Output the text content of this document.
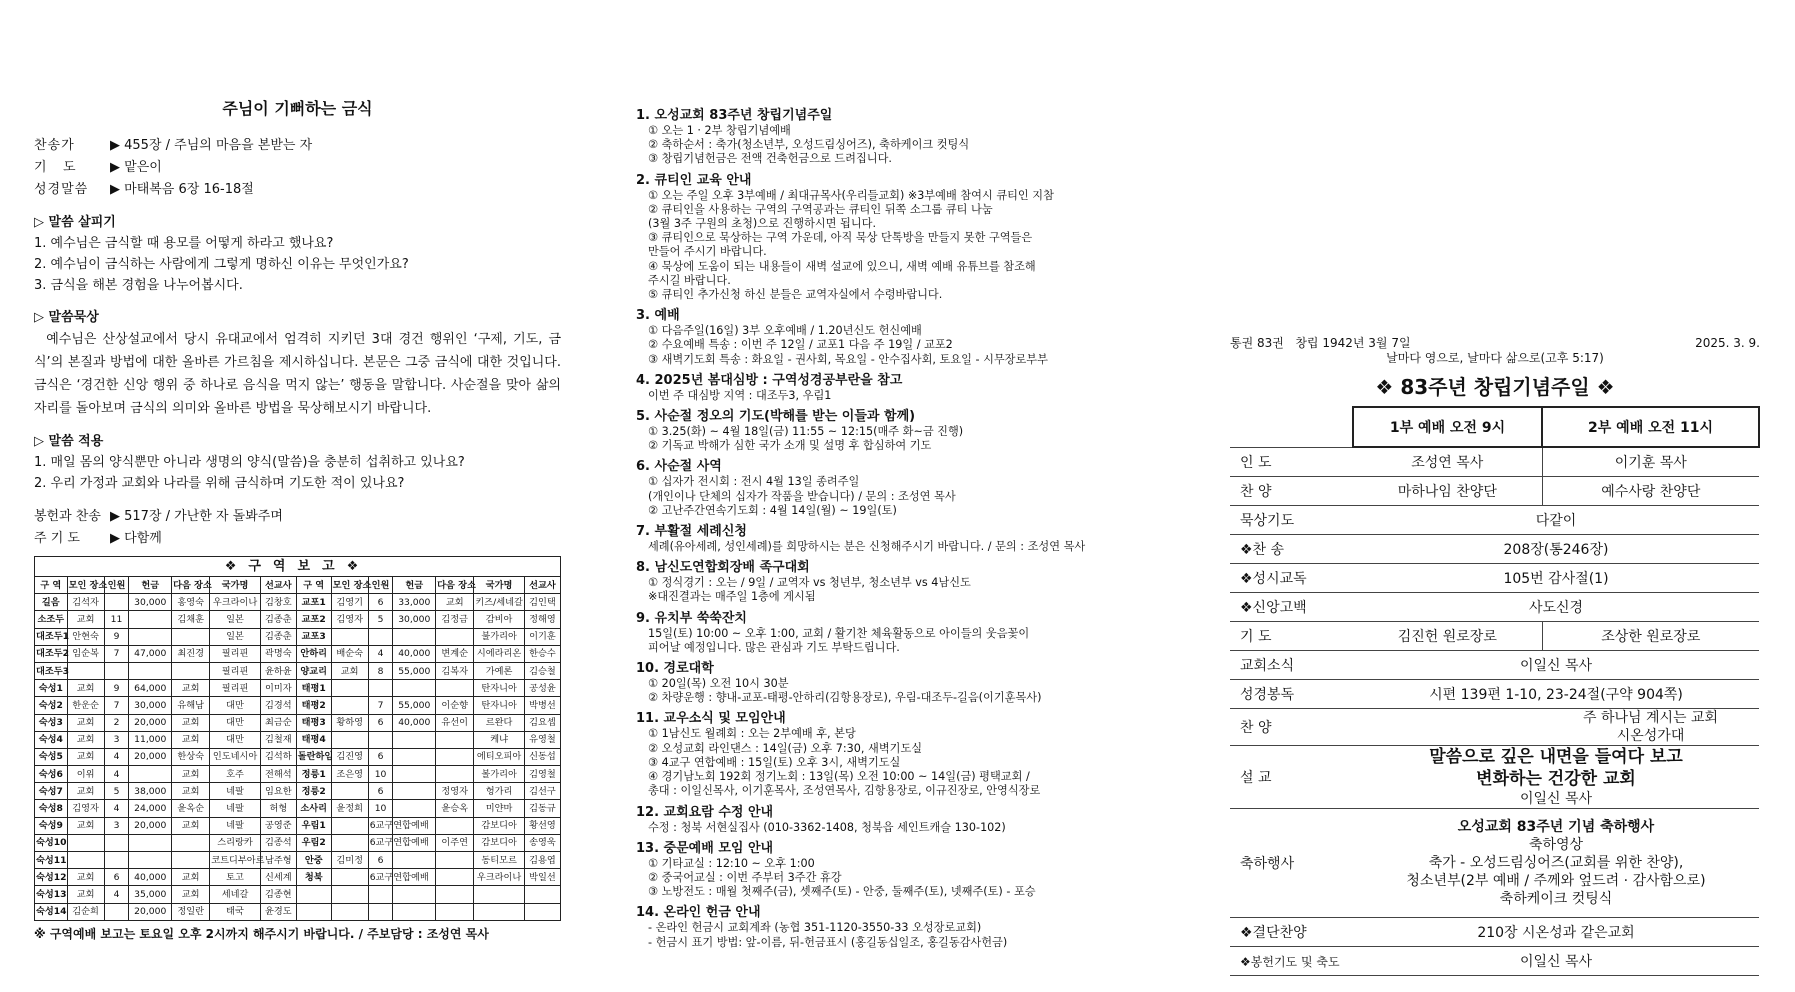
주님이 기뻐하는 금식
찬송가	▶ 455장 / 주님의 마음을 본받는 자
기   도	▶ 맡은이
성경말씀	▶ 마태복음 6장 16-18절
▷ 말씀 살피기
1. 예수님은 금식할 때 용모를 어떻게 하라고 했나요?
2. 예수님이 금식하는 사람에게 그렇게 명하신 이유는 무엇인가요?
3. 금식을 해본 경험을 나누어봅시다.
▷ 말씀묵상
예수님은 산상설교에서 당시 유대교에서 엄격히 지키던 3대 경건 행위인 ‘구제, 기도, 금식’의 본질과 방법에 대한 올바른 가르침을 제시하십니다. 본문은 그중 금식에 대한 것입니다. 금식은 ‘경건한 신앙 행위 중 하나로 음식을 먹지 않는’ 행동을 말합니다. 사순절을 맞아 삶의 자리를 돌아보며 금식의 의미와 올바른 방법을 묵상해보시기 바랍니다.
▷ 말씀 적용
1. 매일 몸의 양식뿐만 아니라 생명의 양식(말씀)을 충분히 섭취하고 있나요?
2. 우리 가정과 교회와 나라를 위해 금식하며 기도한 적이 있나요?
봉헌과 찬송 ▶ 517장 / 가난한 자 돌봐주며
주 기 도	▶ 다함께
❖구역보고❖													
구 역	모인 장소	인원	헌금	다음 장소	국가명	선교사	구 역	모인 장소	인원	헌금	다음 장소	국가명	선교사
길음	김석자		30,000	홍영숙	우크라이나	김창호	교포1	김영기	6	33,000	교회	키즈/세네갈	김인택
소조두	교회	11		김채훈	일본	김종춘	교포2	김영자	5	30,000	김정금	감비아	정해영
대조두1	안현숙	9			일본	김종춘	교포3					불가리아	이기훈
대조두2	임순복	7	47,000	최진경	필리핀	곽명숙	안하리	배순숙	4	40,000	변계순	시에라리온	한승수
대조두3					필리핀	윤하윤	양교리	교회	8	55,000	김복자	가예론	김승철
숙성1	교회	9	64,000	교회	필리핀	이미자	태평1					탄자니아	공성윤
숙성2	한운순	7	30,000	유해남	대만	김경석	태평2		7	55,000	이순향	탄자니아	박병선
숙성3	교회	2	20,000	교회	대만	최금순	태평3	황하영	6	40,000	유선이	르완다	김요셉
숙성4	교회	3	11,000	교회	대만	김철재	태평4					케냐	유영철
숙성5	교회	4	20,000	한상숙	인도네시아	김석하	돌란하임	김진영	6			에티오피아	신동섭
숙성6	이위	4		교회	호주	전해석	정릉1	조은영	10			볼가리아	김영철
숙성7	교회	5	38,000	교회	네팔	임요한	정릉2		6		정영자	헝가리	김선구
숙성8	김영자	4	24,000	윤옥순	네팔	허형	소사리	윤정희	10		윤승옥	미얀마	김동규
숙성9	교회	3	20,000	교회	네팔	공영준	우림1		6교구연합예배			감보디아	황선영
숙성10					스리랑카	김종석	우림2		6교구연합예배		이주연	감보디아	송영욱
숙성11					코트디부아르	남주형	안중	김미정	6			동티모르	김용엽
숙성12	교회	6	40,000	교회	토고	신세계	청북		6교구연합예배			우크라이나	박일선
숙성13	교회	4	35,000	교회	세네갈	김종현							
숙성14	김순희		20,000	정일란	태국	윤경도							
※ 구역예배 보고는 토요일 오후 2시까지 해주시기 바랍니다. / 주보담당 : 조성연 목사
1. 오성교회 83주년 창립기념주일
① 오는 1 · 2부 창립기념예배
② 축하순서 : 축가(청소년부, 오성드림싱어즈), 축하케이크 컷팅식
③ 창립기념헌금은 전액 건축헌금으로 드려집니다.
2. 큐티인 교육 안내
① 오는 주일 오후 3부예배 / 최대규목사(우리들교회) ※3부예배 참여시 큐티인 지참
② 큐티인을 사용하는 구역의 구역공과는 큐티인 뒤쪽 소그룹 큐티 나눔
(3월 3주 구원의 초청)으로 진행하시면 됩니다.
③ 큐티인으로 묵상하는 구역 가운데, 아직 묵상 단톡방을 만들지 못한 구역들은
만들어 주시기 바랍니다.
④ 묵상에 도움이 되는 내용들이 새벽 설교에 있으니, 새벽 예배 유튜브를 참조해
주시길 바랍니다.
⑤ 큐티인 추가신청 하신 분들은 교역자실에서 수령바랍니다.
3. 예배
① 다음주일(16일) 3부 오후예배 / 1.20년신도 헌신예배
② 수요예배 특송 : 이번 주 12일 / 교포1 다음 주 19일 / 교포2
③ 새벽기도회 특송 : 화요일 - 권사회, 목요일 - 안수집사회, 토요일 - 시무장로부부
4. 2025년 봄대심방 : 구역성경공부란을 참고
이번 주 대심방 지역 : 대조두3, 우림1
5. 사순절 정오의 기도(박해를 받는 이들과 함께)
① 3.25(화) ~ 4월 18일(금) 11:55 ~ 12:15(매주 화~금 진행)
② 기독교 박해가 심한 국가 소개 및 설명 후 합심하여 기도
6. 사순절 사역
① 십자가 전시회 : 전시 4월 13일 종려주일
(개인이나 단체의 십자가 작품을 받습니다) / 문의 : 조성연 목사
② 고난주간연속기도회 : 4월 14일(월) ~ 19일(토)
7. 부활절 세례신청
세례(유아세례, 성인세례)를 희망하시는 분은 신청해주시기 바랍니다. / 문의 : 조성연 목사
8. 남신도연합회장배 족구대회
① 정식경기 : 오는 / 9일 / 교역자 vs 청년부, 청소년부 vs 4남신도
※대진결과는 매주일 1층에 게시됨
9. 유치부 쑥쑥잔치
15일(토) 10:00 ~ 오후 1:00, 교회 / 활기찬 체육활동으로 아이들의 웃음꽃이
피어날 예정입니다. 많은 관심과 기도 부탁드립니다.
10. 경로대학
① 20일(목) 오전 10시 30분
② 차량운행 : 향내-교포-태평-안하리(김항용장로), 우림-대조두-길음(이기훈목사)
11. 교우소식 및 모임안내
① 1남신도 월례회 : 오는 2부예배 후, 본당
② 오성교회 라인댄스 : 14일(금) 오후 7:30, 새벽기도실
③ 4교구 연합예배 : 15일(토) 오후 3시, 새벽기도실
④ 경기남노회 192회 정기노회 : 13일(목) 오전 10:00 ~ 14일(금) 평택교회 /
총대 : 이일신목사, 이기훈목사, 조성연목사, 김항용장로, 이규진장로, 안영식장로
12. 교회요람 수정 안내
수정 : 청북 서현실집사 (010-3362-1408, 청북읍 세인트캐슬 130-102)
13. 중문예배 모임 안내
① 기타교실 : 12:10 ~ 오후 1:00
② 중국어교실 : 이번 주부터 3주간 휴강
③ 노방전도 : 매월 첫째주(금), 셋째주(토) - 안중, 둘째주(토), 넷째주(토) - 포승
14. 온라인 헌금 안내
- 온라인 헌금시 교회계좌 (농협 351-1120-3550-33 오성장로교회)
- 헌금시 표기 방법: 앞-이름, 뒤-헌금표시 (홍길동십일조, 홍길동감사헌금)
통권 83권 창립 1942년 3월 7일	2025. 3. 9.
날마다 영으로, 날마다 삶으로(고후 5:17)
❖ 83주년 창립기념주일 ❖
	1부 예배 오전 9시	2부 예배 오전 11시
인 도	조성연 목사	이기훈 목사
찬 양	마하나임 찬양단	예수사랑 찬양단
묵상기도	다같이	
❖찬 송	208장(통246장)	
❖성시교독	105번 감사절(1)	
❖신앙고백	사도신경	
기 도	김진헌 원로장로	조상한 원로장로
교회소식	이일신 목사	
성경봉독	시편 139편 1-10, 23-24절(구약 904쪽)	
찬 양		주 하나님 계시는 교회
시온성가대

설 교	말씀으로 깊은 내면을 들여다 보고
변화하는 건강한 교회
이일신 목사	

축하행사	오성교회 83주년 기념 축하행사
축하영상
축가 - 오성드림싱어즈(교회를 위한 찬양),
청소년부(2부 예배 / 주께와 엎드려 · 감사함으로)
축하케이크 컷팅식	

❖결단찬양	210장 시온성과 같은교회	
❖봉헌기도 및 축도	이일신 목사	
